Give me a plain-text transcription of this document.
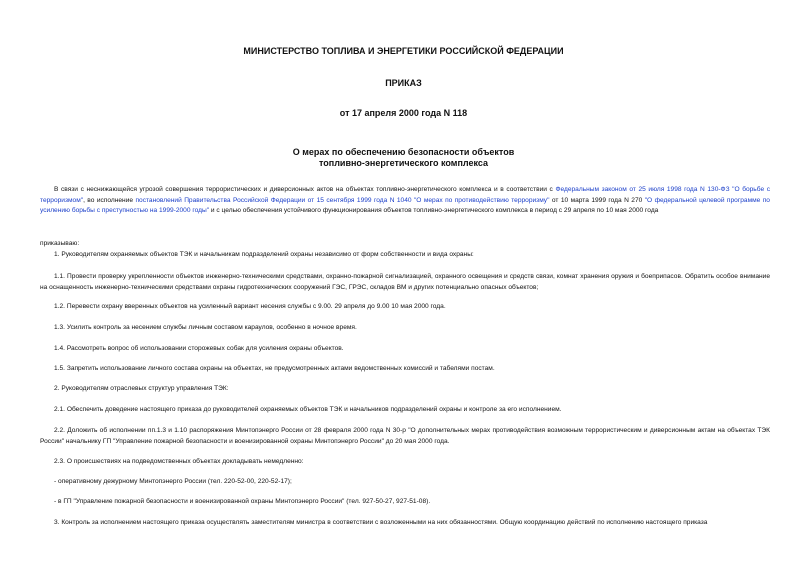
МИНИСТЕРСТВО ТОПЛИВА И ЭНЕРГЕТИКИ РОССИЙСКОЙ ФЕДЕРАЦИИ
ПРИКАЗ
от 17 апреля 2000 года N 118
О мерах по обеспечению безопасности объектов
топливно-энергетического комплекса

В связи с неснижающейся угрозой совершения террористических и диверсионных актов на объектах топливно-энергетического комплекса и в соответствии с Федеральным законом от 25 июля 1998 года N 130-ФЗ "О борьбе с терроризмом", во исполнение постановлений Правительства Российской Федерации от 15 сентября 1999 года N 1040 "О мерах по противодействию терроризму" от 10 марта 1999 года N 270 "О федеральной целевой программе по усилению борьбы с преступностью на 1999-2000 годы" и с целью обеспечения устойчивого функционирования объектов топливно-энергетического комплекса в период с 29 апреля по 10 мая 2000 года

приказываю:

1. Руководителям охраняемых объектов ТЭК и начальникам подразделений охраны независимо от форм собственности и вида охраны:

1.1. Провести проверку укрепленности объектов инженерно-техническими средствами, охранно-пожарной сигнализацией, охранного освещения и средств связи, комнат хранения оружия и боеприпасов. Обратить особое внимание на оснащенность инженерно-техническими средствами охраны гидротехнических сооружений ГЭС, ГРЭС, складов ВМ и других потенциально опасных объектов;

1.2. Перевести охрану вверенных объектов на усиленный вариант несения службы с 9.00. 29 апреля до 9.00 10 мая 2000 года.

1.3. Усилить контроль за несением службы личным составом караулов, особенно в ночное время.

1.4. Рассмотреть вопрос об использовании сторожевых собак для усиления охраны объектов.

1.5. Запретить использование личного состава охраны на объектах, не предусмотренных актами ведомственных комиссий и табелями постам.

2. Руководителям отраслевых структур управления ТЭК:

2.1. Обеспечить доведение настоящего приказа до руководителей охраняемых объектов ТЭК и начальников подразделений охраны и контроле за его исполнением.

2.2. Доложить об исполнении пп.1.3 и 1.10 распоряжения Минтопэнерго России от 28 февраля 2000 года N 30-р "О дополнительных мерах противодействия возможным террористическим и диверсионным актам на объектах ТЭК России" начальнику ГП "Управление пожарной безопасности и военизированной охраны Минтопэнерго России" до 20 мая 2000 года.

2.3. О происшествиях на подведомственных объектах докладывать немедленно:

- оперативному дежурному Минтопэнерго России (тел. 220-52-00, 220-52-17);

- в ГП "Управление пожарной безопасности и военизированной охраны Минтопэнерго России" (тел. 927-50-27, 927-51-08).

3. Контроль за исполнением настоящего приказа осуществлять заместителям министра в соответствии с возложенными на них обязанностями. Общую координацию действий по исполнению настоящего приказа
